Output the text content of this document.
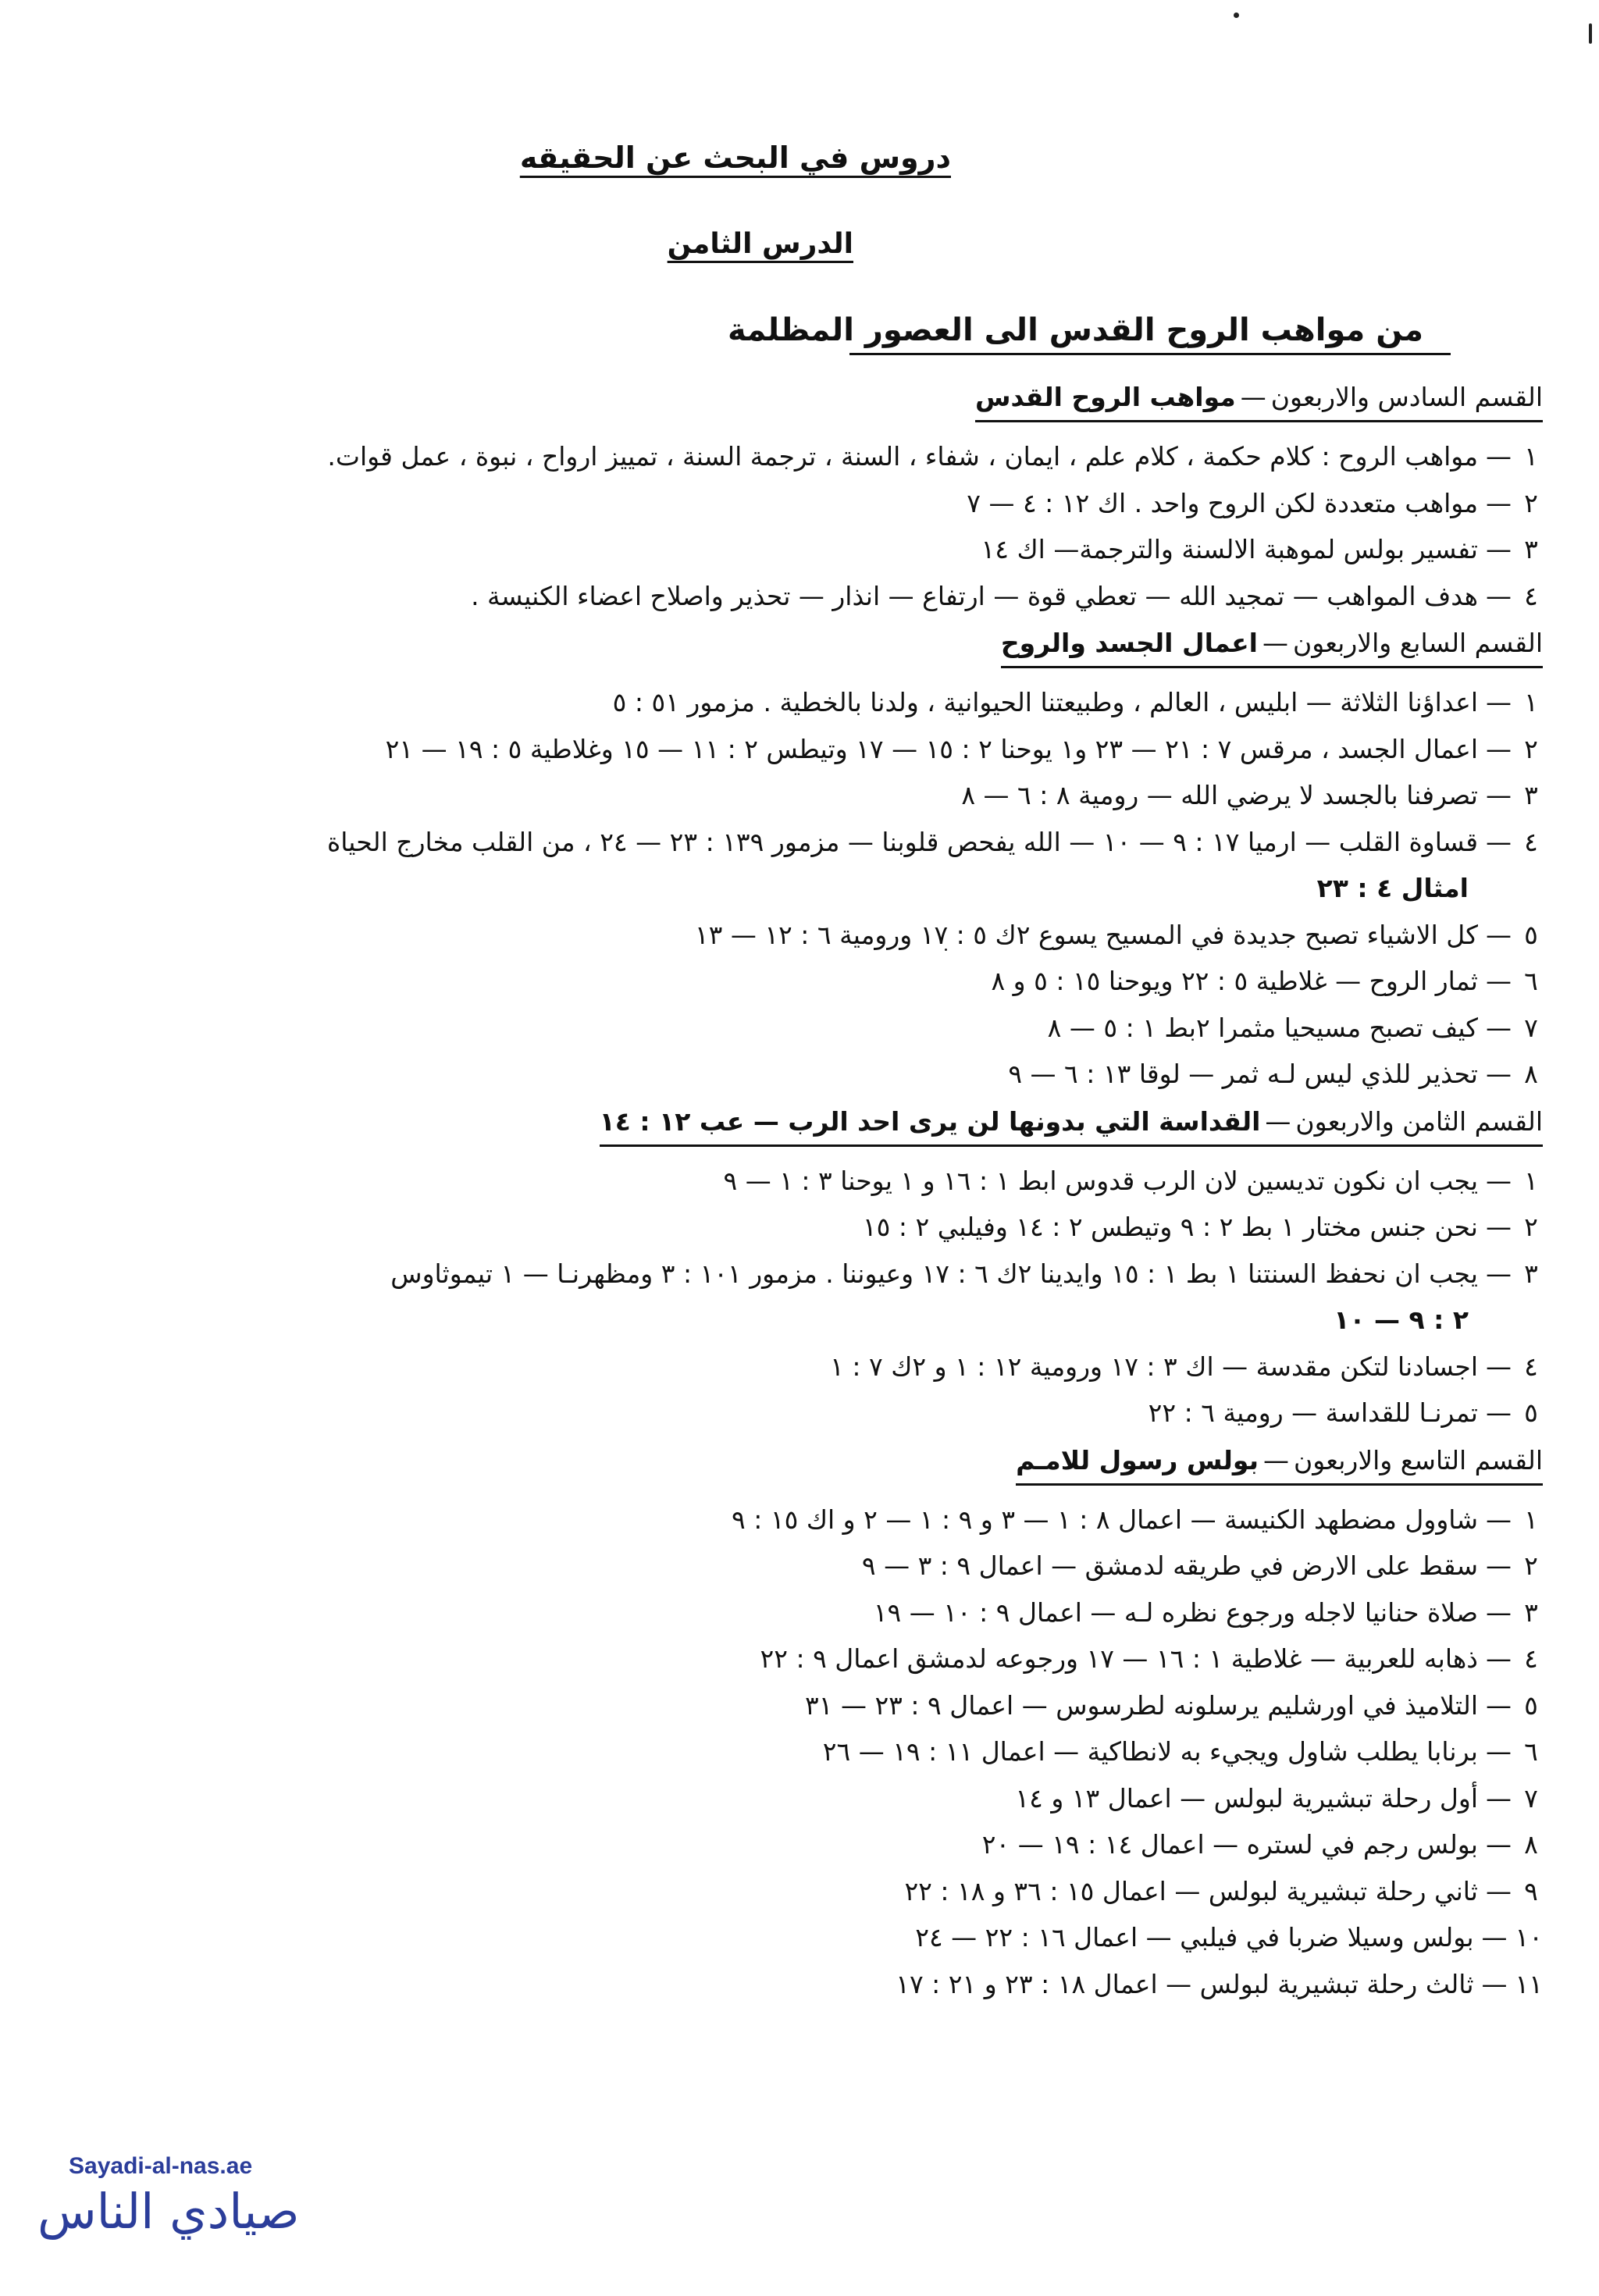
دروس في البحث عن الحقيقه
الدرس الثامن
من مواهب الروح القدس الى العصور المظلمة
القسم السادس والاربعون—مواهب الروح القدس
١—مواهب الروح : كلام حكمة ، كلام علم ، ايمان ، شفاء ، السنة ، ترجمة السنة ، تمييز ارواح ، نبوة ، عمل قوات.
٢—مواهب متعددة لكن الروح واحد . اك ١٢ : ٤ — ٧
٣—تفسير بولس لموهبة الالسنة والترجمة— اك ١٤
٤—هدف المواهب — تمجيد الله — تعطي قوة — ارتفاع — انذار — تحذير واصلاح اعضاء الكنيسة .
القسم السابع والاربعون—اعمال الجسد والروح
١—اعداؤنا الثلاثة — ابليس ، العالم ، وطبيعتنا الحيوانية ، ولدنا بالخطية . مزمور ٥١ : ٥
٢—اعمال الجسد ، مرقس ٧ : ٢١ — ٢٣ و١ يوحنا ٢ : ١٥ — ١٧ وتيطس ٢ : ١١ — ١٥ وغلاطية ٥ : ١٩ — ٢١
٣—تصرفنا بالجسد لا يرضي الله — رومية ٨ : ٦ — ٨
٤—قساوة القلب — ارميا ١٧ : ٩ — ١٠ — الله يفحص قلوبنا — مزمور ١٣٩ : ٢٣ — ٢٤ ، من القلب مخارج الحياة
امثال ٤ : ٢٣
٥—كل الاشياء تصبح جديدة في المسيح يسوع ٢ك ٥ : ١٧ ورومية ٦ : ١٢ — ١٣
٦—ثمار الروح — غلاطية ٥ : ٢٢ ويوحنا ١٥ : ٥ و ٨
٧—كيف تصبح مسيحيا مثمرا ٢بط ١ : ٥ — ٨
٨—تحذير للذي ليس لـه ثمر — لوقا ١٣ : ٦ — ٩
القسم الثامن والاربعون—القداسة التي بدونها لن يرى احد الرب — عب ١٢ : ١٤
١—يجب ان نكون تديسين لان الرب قدوس ابط ١ : ١٦ و ١ يوحنا ٣ : ١ — ٩
٢—نحن جنس مختار ١ بط ٢ : ٩ وتيطس ٢ : ١٤ وفيلبي ٢ : ١٥
٣—يجب ان نحفظ السنتنا ١ بط ١ : ١٥ وايدينا ٢ك ٦ : ١٧ وعيوننا . مزمور ١٠١ : ٣ ومظهرنـا — ١ تيموثاوس
٢ : ٩ — ١٠
٤—اجسادنا لتكن مقدسة — اك ٣ : ١٧ ورومية ١٢ : ١ و ٢ك ٧ : ١
٥—تمرنـا للقداسة — رومية ٦ : ٢٢
القسم التاسع والاربعون—بولس رسول للامـم
١—شاوول مضطهد الكنيسة — اعمال ٨ : ١ — ٣ و ٩ : ١ — ٢ و اك ١٥ : ٩
٢—سقط على الارض في طريقه لدمشق — اعمال ٩ : ٣ — ٩
٣—صلاة حنانيا لاجله ورجوع نظره لـه — اعمال ٩ : ١٠ — ١٩
٤—ذهابه للعربية — غلاطية ١ : ١٦ — ١٧ ورجوعه لدمشق اعمال ٩ : ٢٢
٥—التلاميذ في اورشليم يرسلونه لطرسوس — اعمال ٩ : ٢٣ — ٣١
٦—برنابا يطلب شاول ويجيء به لانطاكية — اعمال ١١ : ١٩ — ٢٦
٧—أول رحلة تبشيرية لبولس — اعمال ١٣ و ١٤
٨—بولس رجم في لستره — اعمال ١٤ : ١٩ — ٢٠
٩—ثاني رحلة تبشيرية لبولس — اعمال ١٥ : ٣٦ و ١٨ : ٢٢
١٠—بولس وسيلا ضربا في فيلبي — اعمال ١٦ : ٢٢ — ٢٤
١١—ثالث رحلة تبشيرية لبولس — اعمال ١٨ : ٢٣ و ٢١ : ١٧
Sayadi-al-nas.ae
صيادي الناس
